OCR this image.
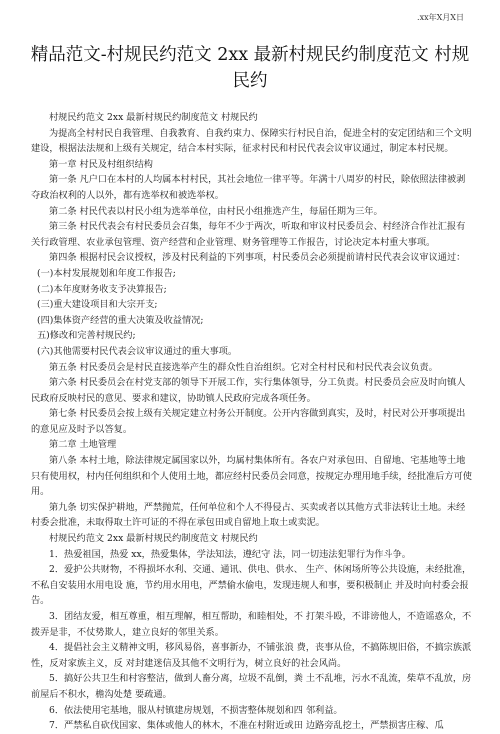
.xx年X月X日
精品范文-村规民约范文 2xx 最新村规民约制度范文 村规民约

村规民约范文 2xx 最新村规民约制度范文 村规民约

为提高全村村民自我管理、自我教育、自我约束力、保障实行村民自治，促进全村的安定团结和三个文明建设，根据法法规和上级有关规定，结合本村实际，征求村民和村民代表会议审议通过，制定本村民规。

第一章 村民及村组织结构

第一条 凡户口在本村的人均属本村村民，其社会地位一律平等。年满十八周岁的村民，除依照法律被剥夺政治权利的人以外，都有选举权和被选举权。

第二条 村民代表以村民小组为选举单位，由村民小组推选产生，每届任期为三年。

第三条 村民代表会有村民委员会召集，每年不少于两次，听取和审议村民委员会、村经济合作社汇报有关行政管理、农业承包管理、资产经营和企业管理、财务管理等工作报告，讨论决定本村重大事项。

第四条 根据村民会议授权，涉及村民利益的下列事项，村民委员会必须提前请村民代表会议审议通过：

(一)本村发展规划和年度工作报告;

(二)本年度财务收支予决算报告;

(三)重大建设项目和大宗开支;

(四)集体资产经营的重大决策及收益情况;

五)修改和完善村规民约;

(六)其他需要村民代表会议审议通过的重大事项。

第五条 村民委员会是村民直接选举产生的群众性自治组织。它对全村村民和村民代表会议负责。

第六条 村民委员会在村党支部的领导下开展工作，实行集体领导，分工负责。村民委员会应及时向镇人民政府反映村民的意见、要求和建议，协助镇人民政府完成各项任务。

第七条 村民委员会按上级有关规定建立村务公开制度。公开内容做到真实，及时，村民对公开事项提出的意见应及时予以答复。

第二章 土地管理

第八条 本村土地，除法律规定属国家以外，均属村集体所有。各农户对承包田、自留地、宅基地等土地只有使用权，村内任何组织和个人使用土地，都应经村民委员会同意，按规定办理用地手续，经批准后方可使用。

第九条 切实保护耕地，严禁抛荒，任何单位和个人不得侵占、买卖或者以其他方式非法转让土地。未经村委会批准，未取得取土许可证的不得在承包田或自留地上取土或卖泥。

村规民约范文 2xx 最新村规民约制度范文 村规民约

1．热爱祖国，热爱 xx，热爱集体，学法知法，遵纪守 法，同一切违法犯罪行为作斗争。

2．爱护公共财物，不得损坏水利、交通、通讯、供电、供水、 生产、休闲场所等公共设施，未经批准，不私自安装用水用电设 施，节约用水用电，严禁偷水偷电，发现违规人和事，要积极制止 并及时向村委会报告。

3．团结友爱，相互尊重，相互理解，相互帮助，和睦相处，不 打架斗殴，不诽谤他人，不造谣惑众，不拨弄是非，不仗势欺人，建立良好的邻里关系。

4．提倡社会主义精神文明，移风易俗，喜事新办，不铺张浪 费，丧事从俭，不搞陈规旧俗，不搞宗族派性，反对家族主义，反 对封建迷信及其他不文明行为，树立良好的社会风尚。

5．搞好公共卫生和村容整洁，做到人畜分离，垃圾不乱倒，粪 土不乱堆，污水不乱流，柴草不乱放，房前屋后不积水，檐沟处楚 要疏通。

6．依法使用宅基地，服从村镇建房规划，不损害整体规划和四 邻利益。

7．严禁私自砍伐国家、集体或他人的林木，不准在村附近或田 边路旁乱挖土，严禁损害庄稼、瓜
